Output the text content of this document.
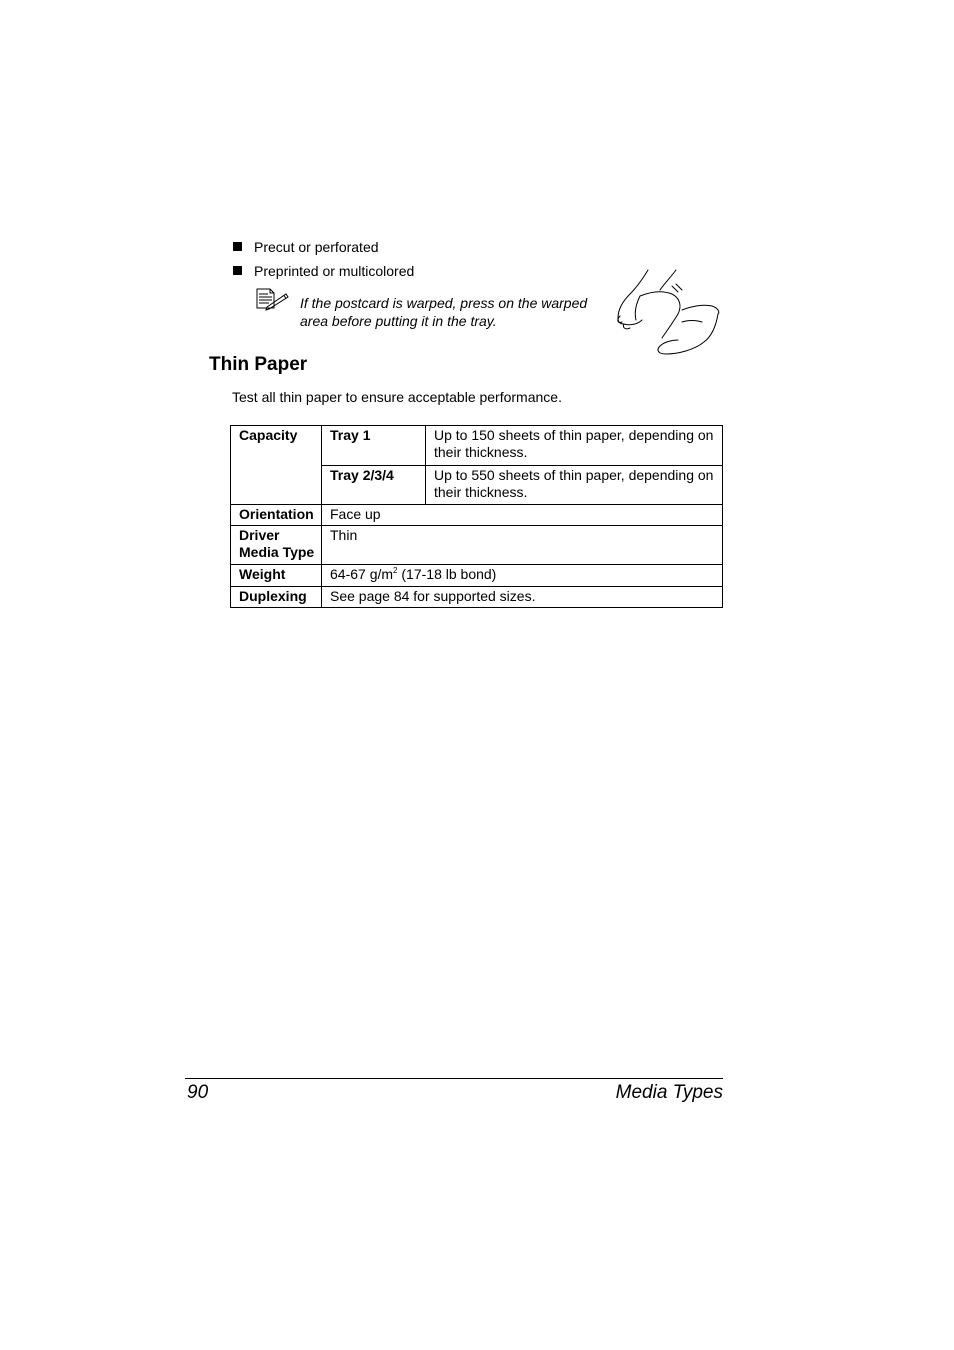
Precut or perforated
Preprinted or multicolored
If the postcard is warped, press on the warped area before putting it in the tray.
Thin Paper
Test all thin paper to ensure acceptable performance.
Capacity	Tray 1	Up to 150 sheets of thin paper, depending on their thickness.
	Tray 2/3/4	Up to 550 sheets of thin paper, depending on their thickness.
Orientation	Face up	
Driver Media Type	Thin	
Weight	64-67 $g/m^2$ (17-18 lb bond)	
Duplexing	See page 84 for supported sizes.	
90	Media Types
